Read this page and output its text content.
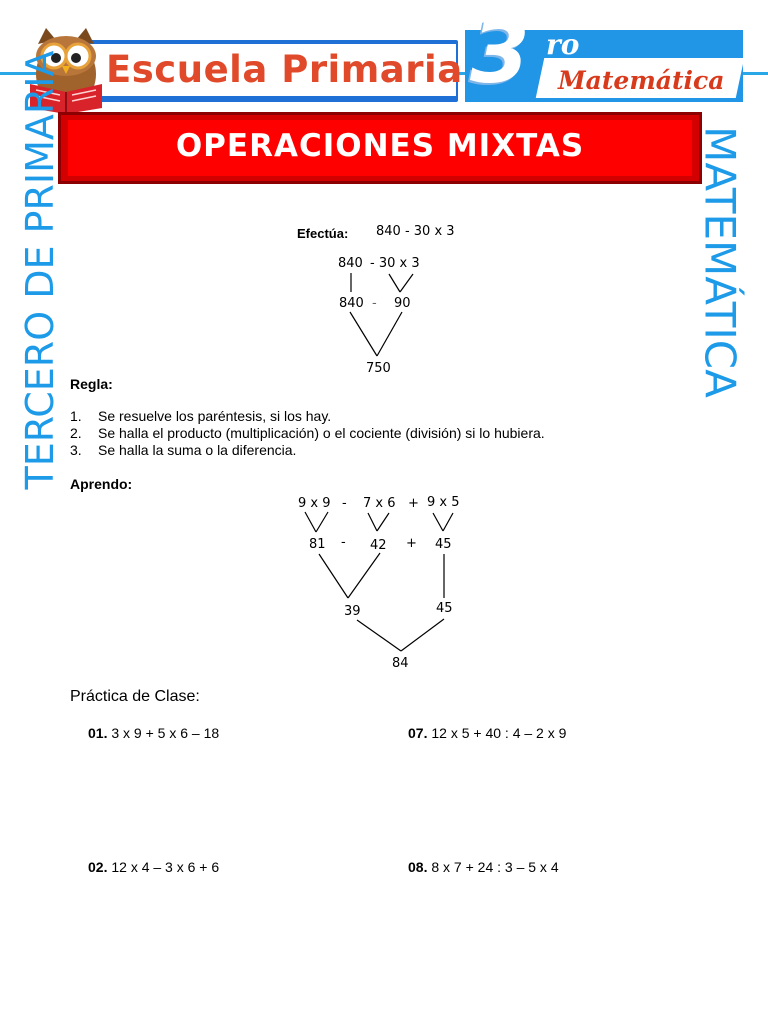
Escuela Primaria 3 ro
Matemática
OPERACIONES MIXTAS
TERCERO DE PRIMARIA	MATEMÁTICA
Efectúa: 840 - 30 x 3
840 - 30 x 3
840 - 90
750
Regla:
1. Se resuelve los paréntesis, si los hay.
2. Se halla el producto (multiplicación) o el cociente (división) si lo hubiera.
3. Se halla la suma o la diferencia.
Aprendo:
9 x 9 - 7 x 6 + 9 x 5
81 - 42 + 45
39	45
84
Práctica de Clase:
01. 3 x 9 + 5 x 6 – 18	07. 12 x 5 + 40 : 4 – 2 x 9
02. 12 x 4 – 3 x 6 + 6	08. 8 x 7 + 24 : 3 – 5 x 4
